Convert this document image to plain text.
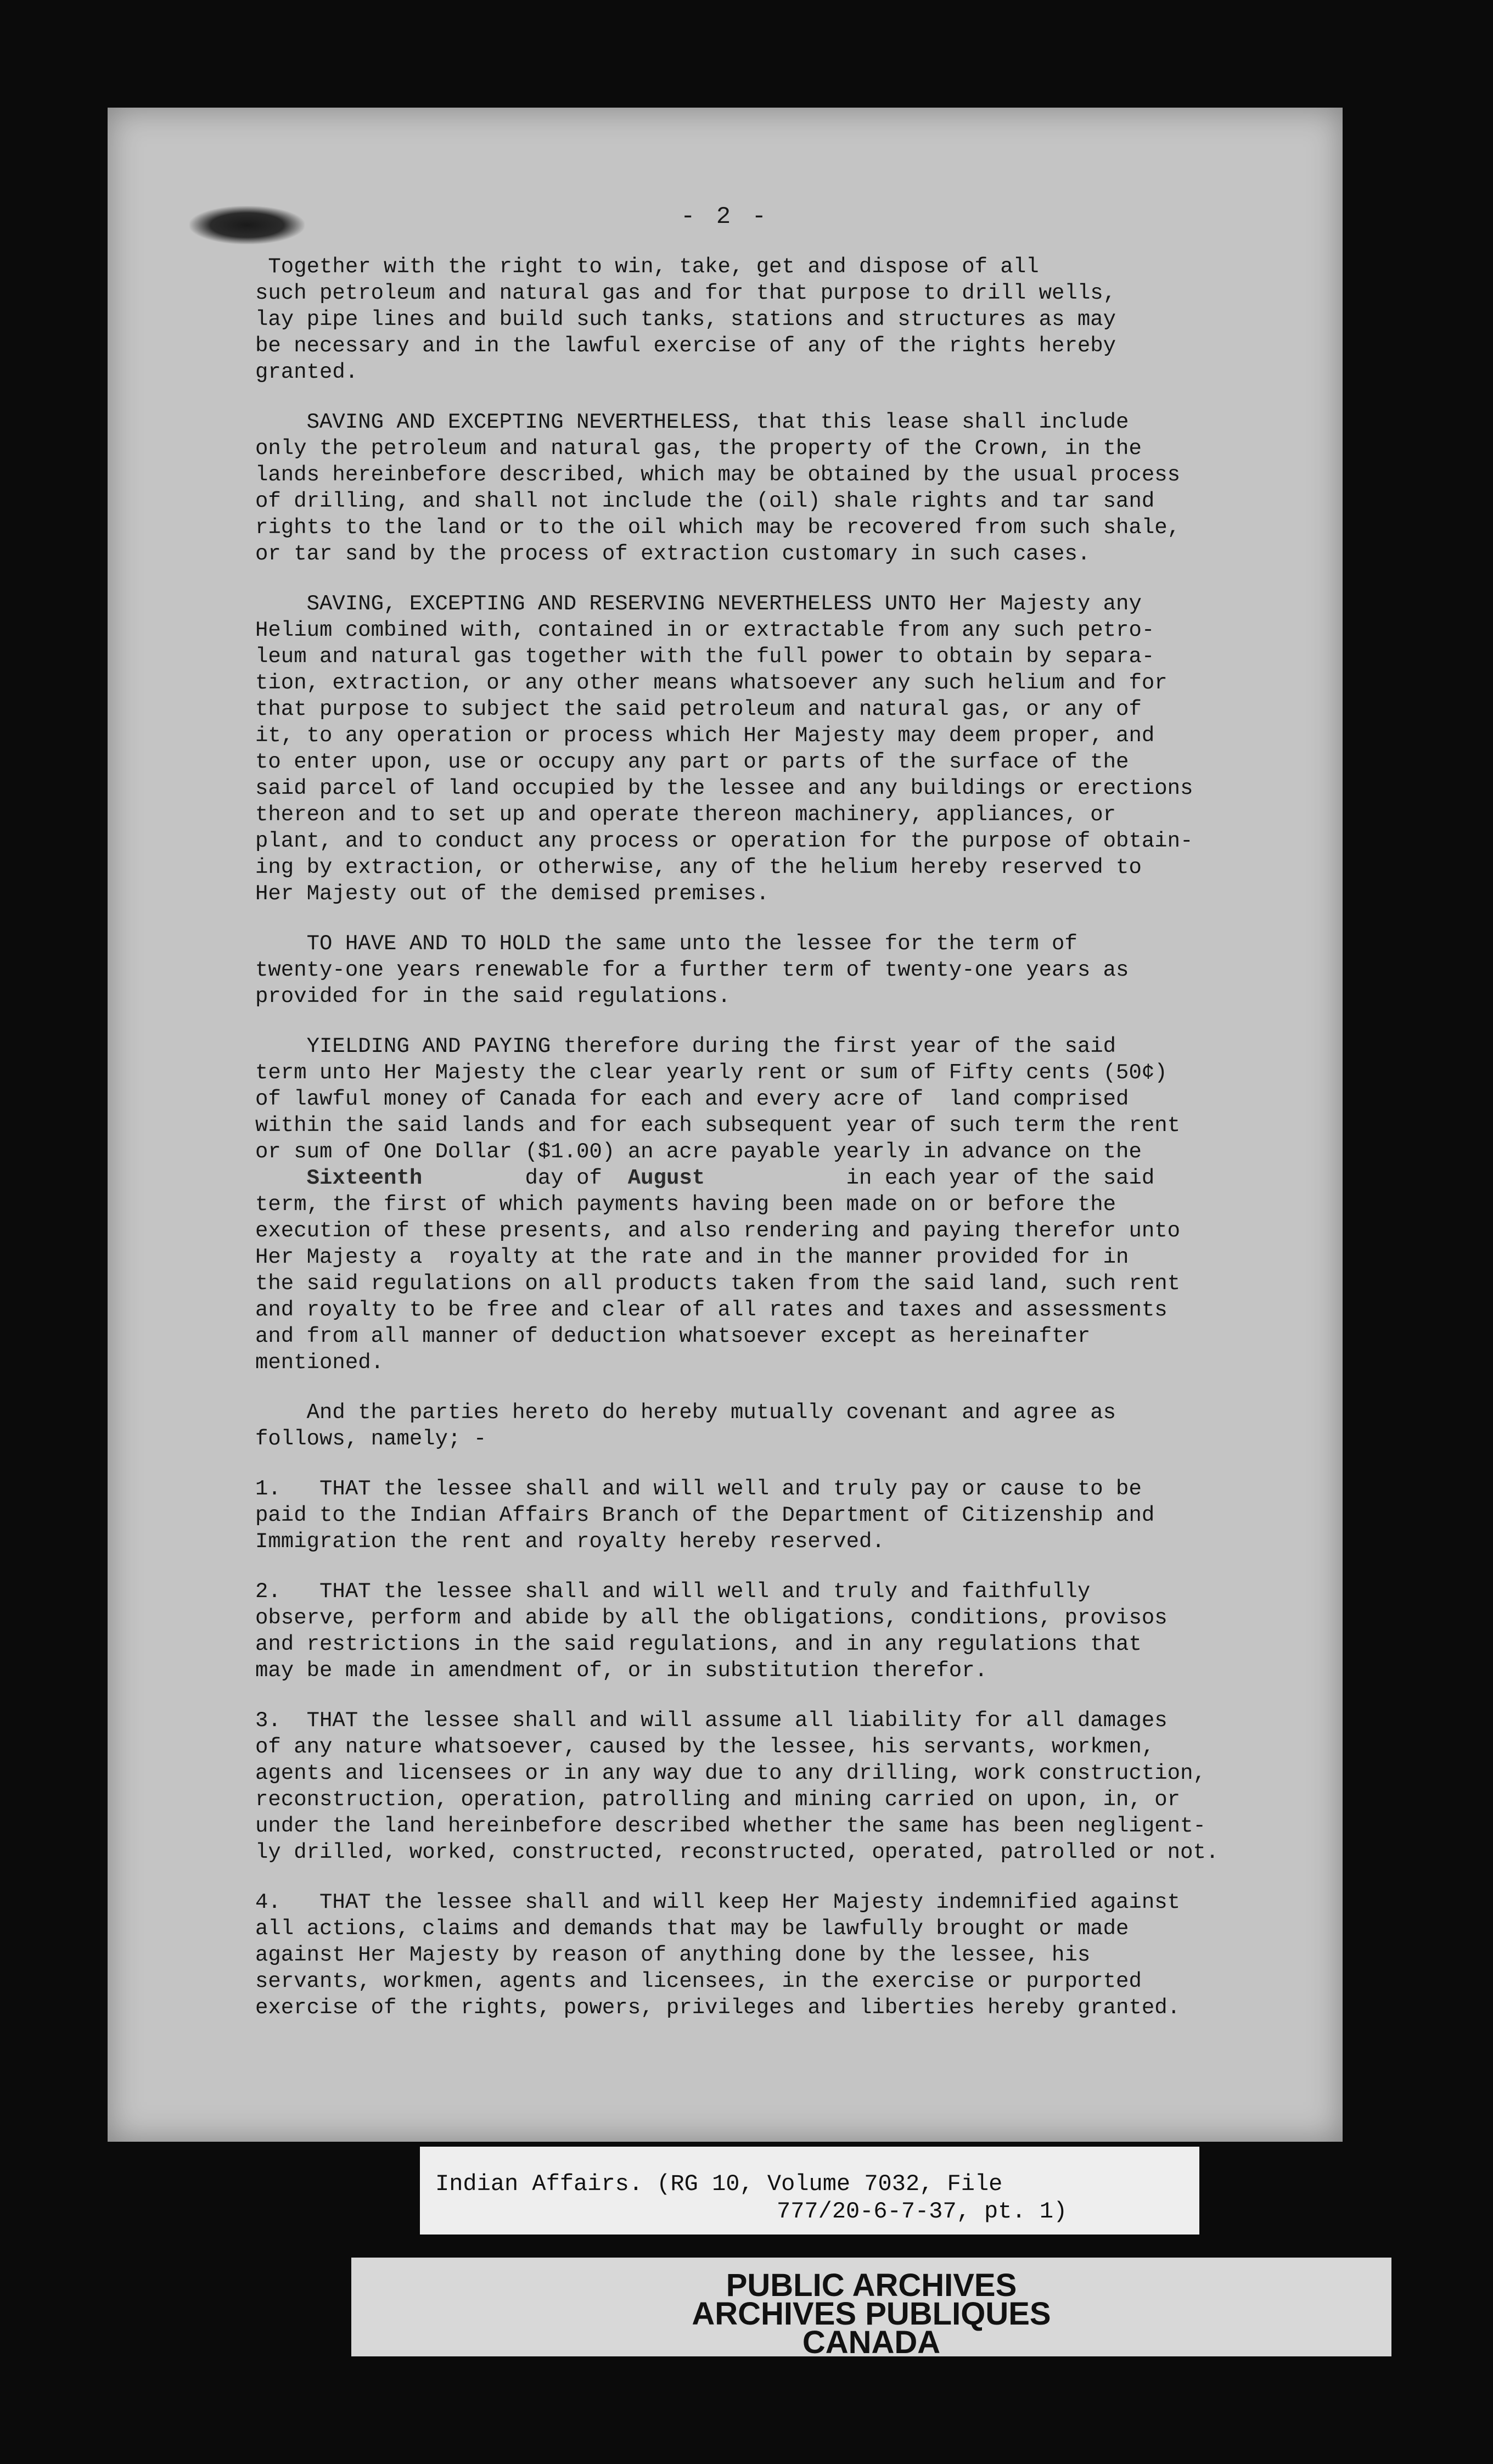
- 2 -
Together with the right to win, take, get and dispose of all
such petroleum and natural gas and for that purpose to drill wells,
lay pipe lines and build such tanks, stations and structures as may
be necessary and in the lawful exercise of any of the rights hereby
granted.
SAVING AND EXCEPTING NEVERTHELESS, that this lease shall include
only the petroleum and natural gas, the property of the Crown, in the
lands hereinbefore described, which may be obtained by the usual process
of drilling, and shall not include the (oil) shale rights and tar sand
rights to the land or to the oil which may be recovered from such shale,
or tar sand by the process of extraction customary in such cases.
SAVING, EXCEPTING AND RESERVING NEVERTHELESS UNTO Her Majesty any
Helium combined with, contained in or extractable from any such petro-
leum and natural gas together with the full power to obtain by separa-
tion, extraction, or any other means whatsoever any such helium and for
that purpose to subject the said petroleum and natural gas, or any of
it, to any operation or process which Her Majesty may deem proper, and
to enter upon, use or occupy any part or parts of the surface of the
said parcel of land occupied by the lessee and any buildings or erections
thereon and to set up and operate thereon machinery, appliances, or
plant, and to conduct any process or operation for the purpose of obtain-
ing by extraction, or otherwise, any of the helium hereby reserved to
Her Majesty out of the demised premises.
TO HAVE AND TO HOLD the same unto the lessee for the term of
twenty-one years renewable for a further term of twenty-one years as
provided for in the said regulations.
YIELDING AND PAYING therefore during the first year of the said
term unto Her Majesty the clear yearly rent or sum of Fifty cents (50¢)
of lawful money of Canada for each and every acre of  land comprised
within the said lands and for each subsequent year of such term the rent
or sum of One Dollar ($1.00) an acre payable yearly in advance on the
Sixteenth	day of August	in each year of the said
term, the first of which payments having been made on or before the
execution of these presents, and also rendering and paying therefor unto
Her Majesty a  royalty at the rate and in the manner provided for in
the said regulations on all products taken from the said land, such rent
and royalty to be free and clear of all rates and taxes and assessments
and from all manner of deduction whatsoever except as hereinafter
mentioned.
And the parties hereto do hereby mutually covenant and agree as
follows, namely; -
1.   THAT the lessee shall and will well and truly pay or cause to be
paid to the Indian Affairs Branch of the Department of Citizenship and
Immigration the rent and royalty hereby reserved.
2.   THAT the lessee shall and will well and truly and faithfully
observe, perform and abide by all the obligations, conditions, provisos
and restrictions in the said regulations, and in any regulations that
may be made in amendment of, or in substitution therefor.
3.  THAT the lessee shall and will assume all liability for all damages
of any nature whatsoever, caused by the lessee, his servants, workmen,
agents and licensees or in any way due to any drilling, work construction,
reconstruction, operation, patrolling and mining carried on upon, in, or
under the land hereinbefore described whether the same has been negligent-
ly drilled, worked, constructed, reconstructed, operated, patrolled or not.
4.   THAT the lessee shall and will keep Her Majesty indemnified against
all actions, claims and demands that may be lawfully brought or made
against Her Majesty by reason of anything done by the lessee, his
servants, workmen, agents and licensees, in the exercise or purported
exercise of the rights, powers, privileges and liberties hereby granted.
Indian Affairs. (RG 10, Volume 7032, File
777/20-6-7-37, pt. 1)
PUBLIC ARCHIVES
ARCHIVES PUBLIQUES
CANADA
